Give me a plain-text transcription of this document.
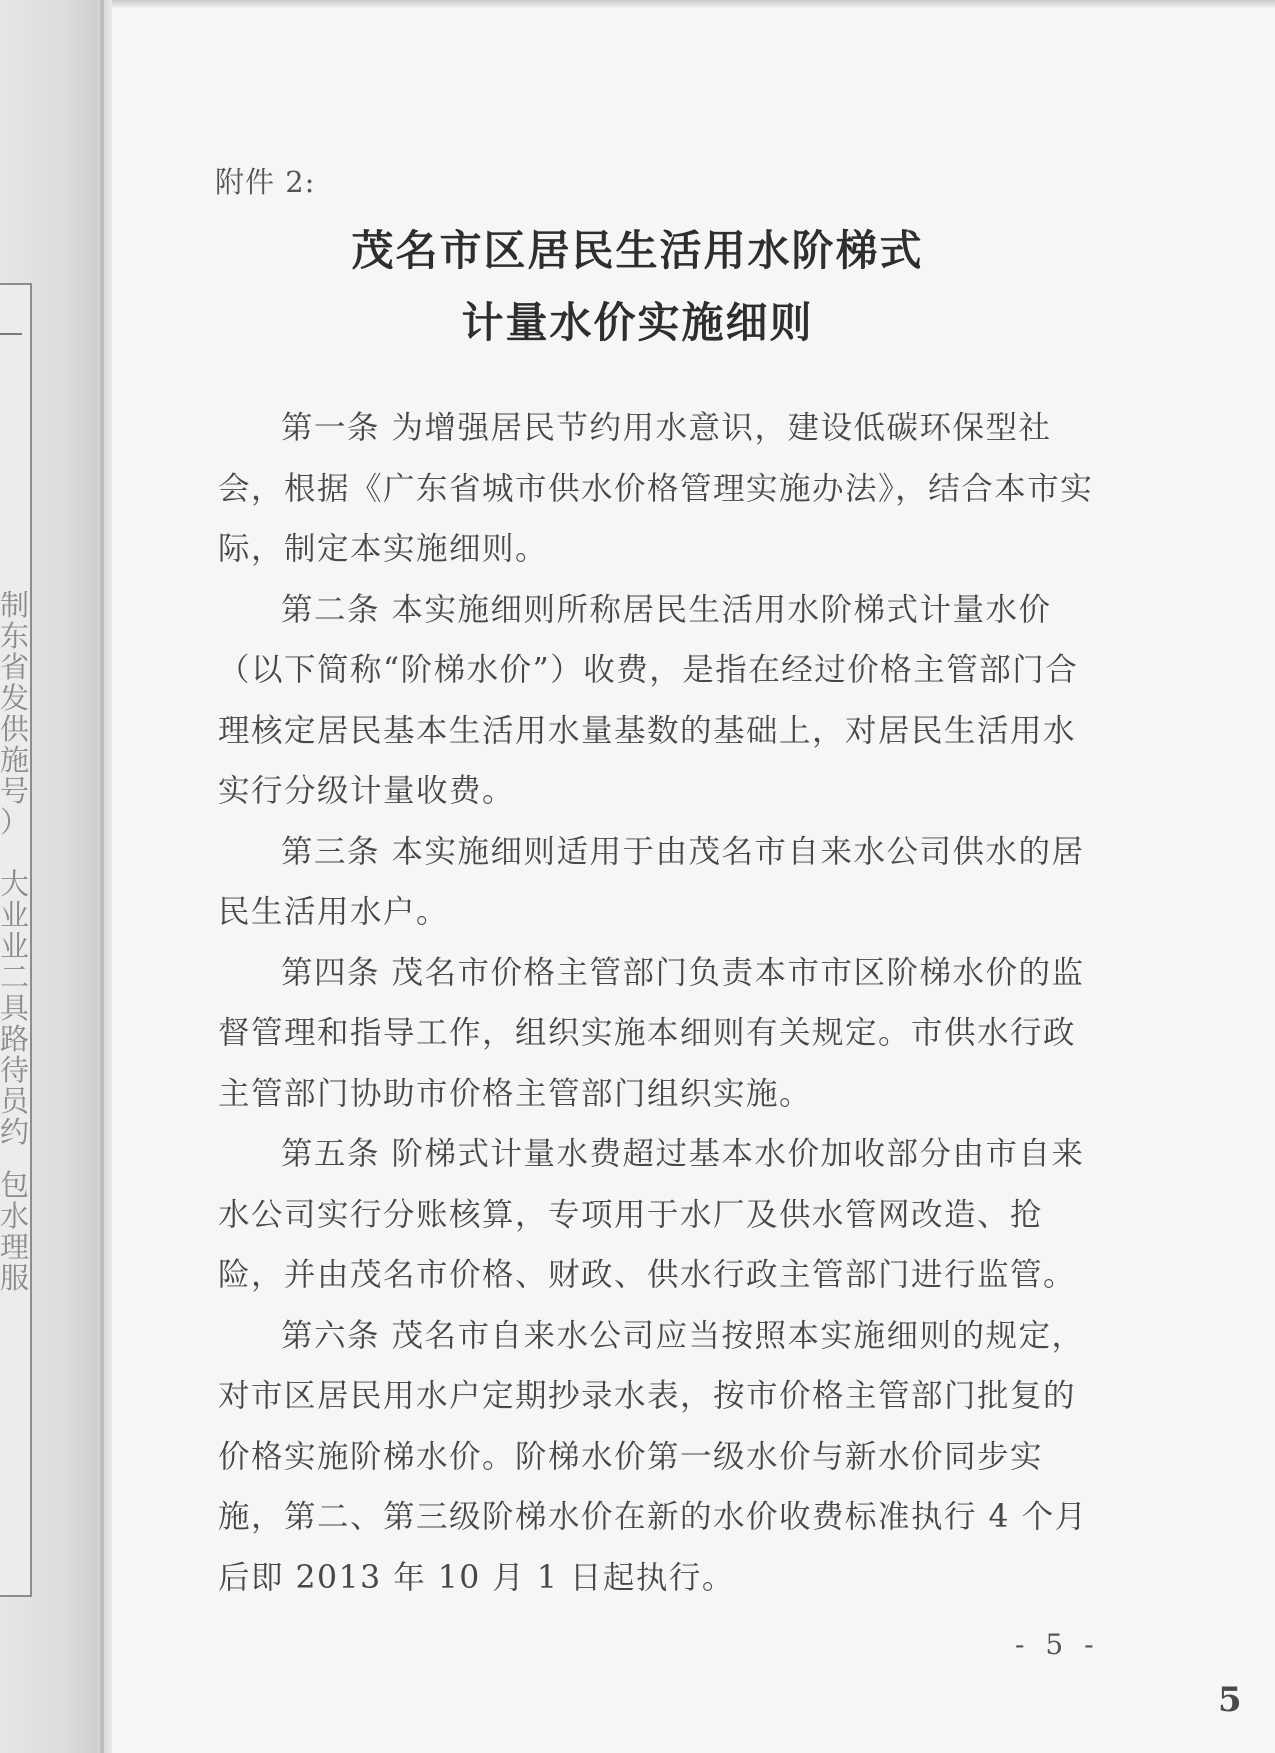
制
东
省
发
供
施
号
）

大
业
业
二
具
路
待
员
约
包
水
理
服
附件 2:
茂名市区居民生活用水阶梯式
计量水价实施细则

第一条 为增强居民节约用水意识，建设低碳环保型社会，根据《广东省城市供水价格管理实施办法》，结合本市实际，制定本实施细则。

第二条 本实施细则所称居民生活用水阶梯式计量水价（以下简称“阶梯水价”）收费，是指在经过价格主管部门合理核定居民基本生活用水量基数的基础上，对居民生活用水实行分级计量收费。

第三条 本实施细则适用于由茂名市自来水公司供水的居民生活用水户。

第四条 茂名市价格主管部门负责本市市区阶梯水价的监督管理和指导工作，组织实施本细则有关规定。市供水行政主管部门协助市价格主管部门组织实施。

第五条 阶梯式计量水费超过基本水价加收部分由市自来水公司实行分账核算，专项用于水厂及供水管网改造、抢险，并由茂名市价格、财政、供水行政主管部门进行监管。

第六条 茂名市自来水公司应当按照本实施细则的规定，对市区居民用水户定期抄录水表，按市价格主管部门批复的价格实施阶梯水价。阶梯水价第一级水价与新水价同步实施，第二、第三级阶梯水价在新的水价收费标准执行 4 个月后即 2013 年 10 月 1 日起执行。

- 5 -
5
